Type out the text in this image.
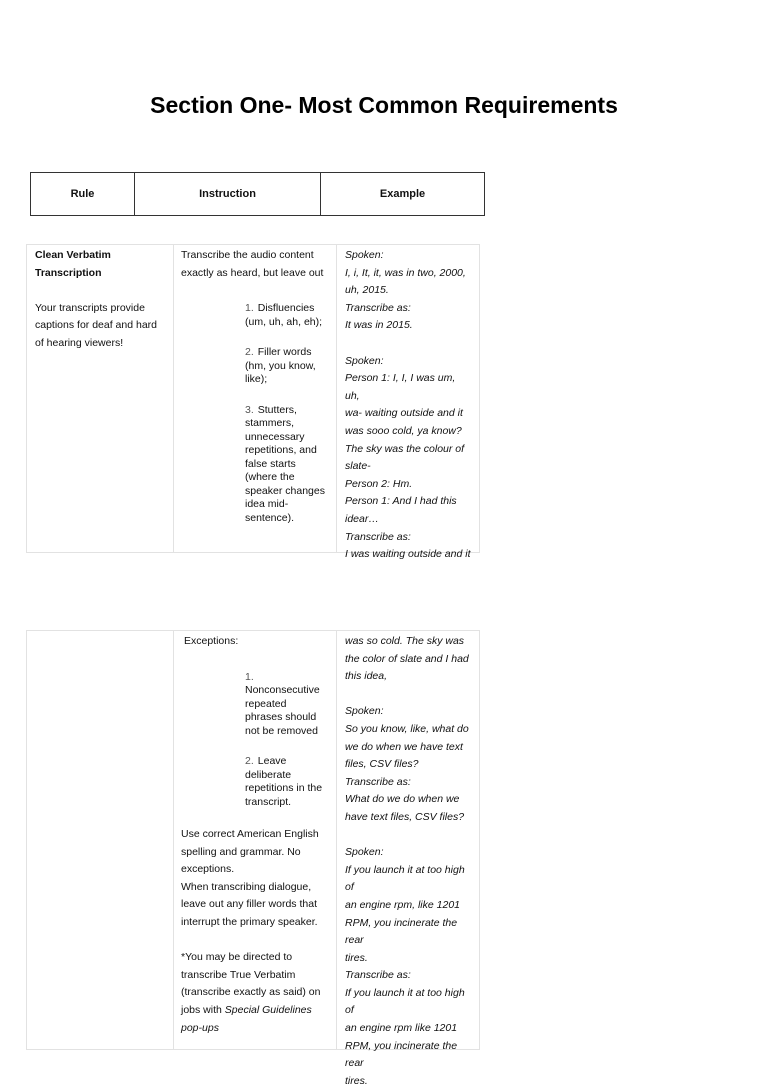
Section One- Most Common Requirements
Rule	Instruction	Example
Clean Verbatim
Transcription
Your transcripts provide captions for deaf and hard of hearing viewers!
Transcribe the audio content exactly as heard, but leave out
1. Disfluencies (um, uh, ah, eh);
2. Filler words (hm, you know, like);
3. Stutters, stammers, unnecessary repetitions, and false starts (where the speaker changes idea mid-sentence).
Spoken:
I, i, It, it, was in two, 2000,
uh, 2015.
Transcribe as:
It was in 2015.

Spoken:
Person 1: I, I, I was um, uh,
wa- waiting outside and it
was sooo cold, ya know?
The sky was the colour of
slate-
Person 2: Hm.
Person 1: And I had this
idear…
Transcribe as:
I was waiting outside and it
Exceptions:
1.
Nonconsecutive repeated phrases should not be removed
2. Leave deliberate repetitions in the transcript.
Use correct American English spelling and grammar. No exceptions.
When transcribing dialogue, leave out any filler words that interrupt the primary speaker.
*You may be directed to transcribe True Verbatim (transcribe exactly as said) on jobs with Special Guidelines pop-ups
was so cold. The sky was
the color of slate and I had
this idea,

Spoken:
So you know, like, what do
we do when we have text
files, CSV files?
Transcribe as:
What do we do when we
have text files, CSV files?

Spoken:
If you launch it at too high of
an engine rpm, like 1201
RPM, you incinerate the rear
tires.
Transcribe as:
If you launch it at too high of
an engine rpm like 1201
RPM, you incinerate the rear
tires.
